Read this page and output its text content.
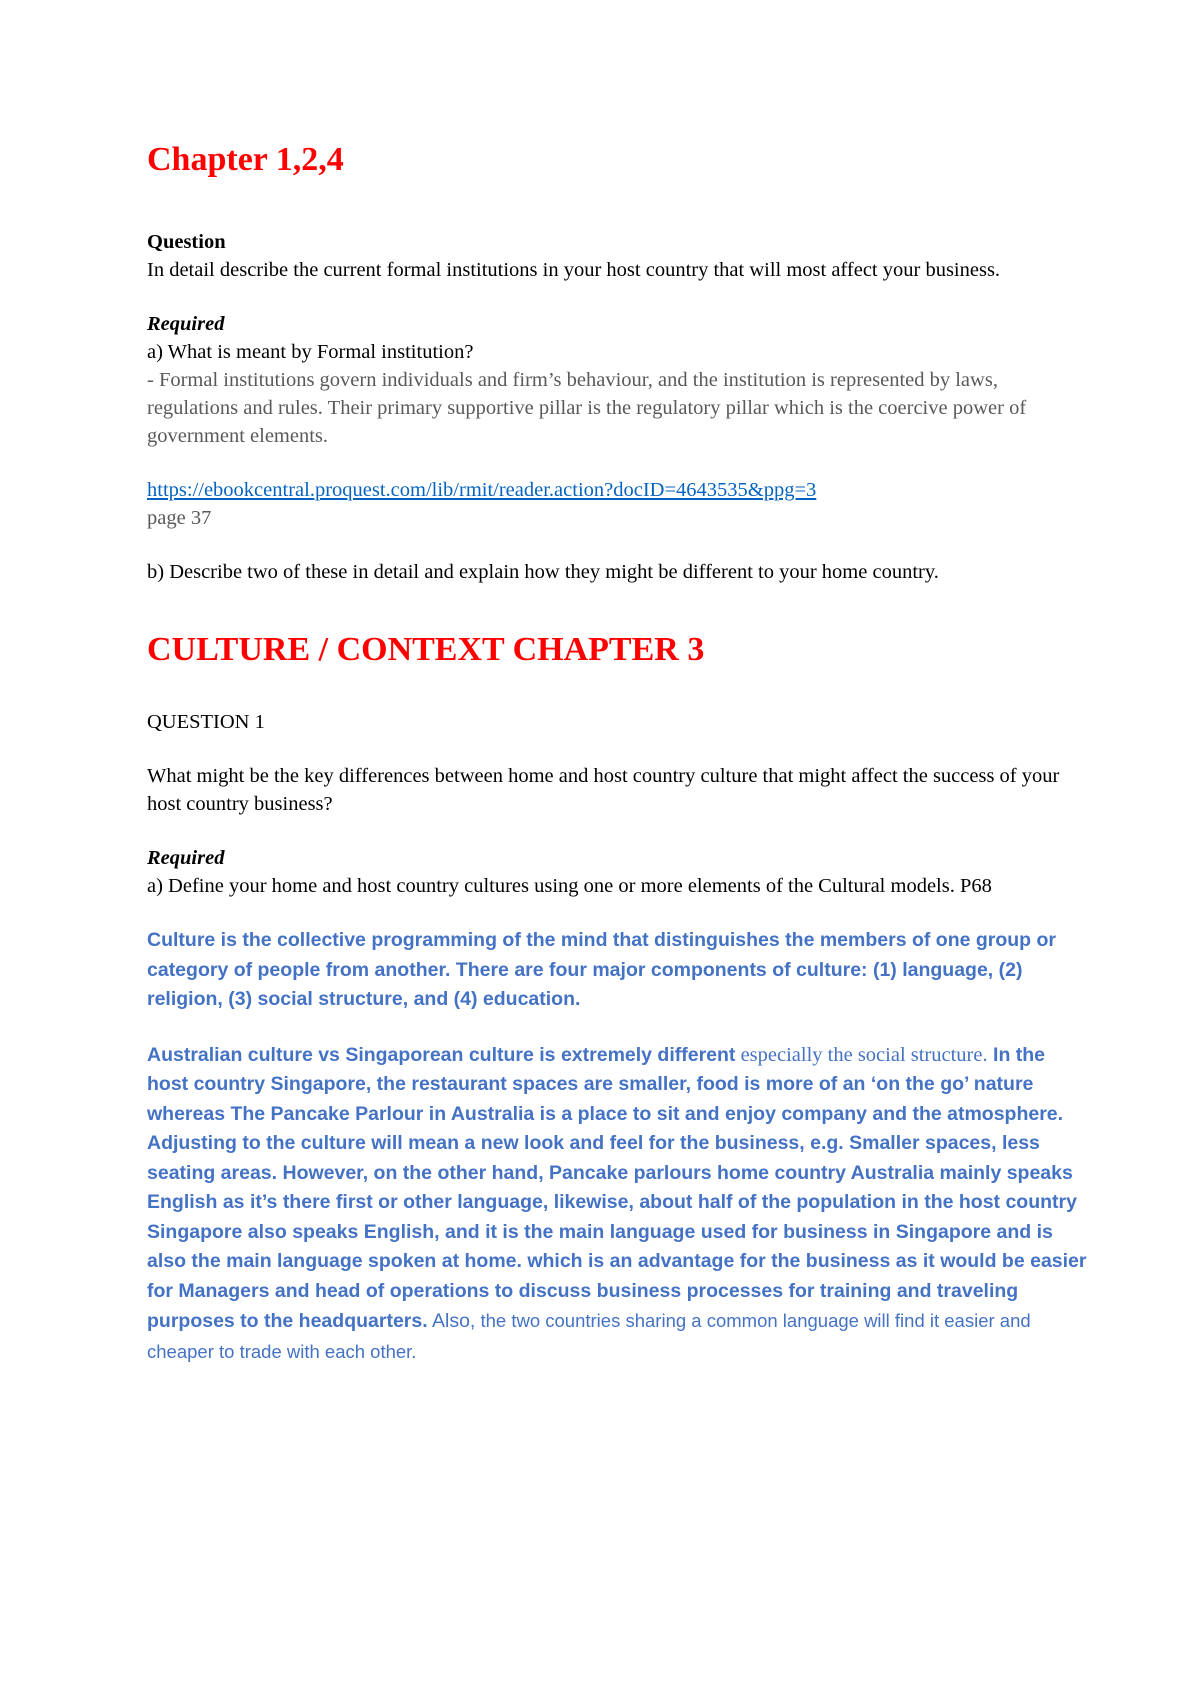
Chapter 1,2,4

Question

In detail describe the current formal institutions in your host country that will most affect your business.

Required

a) What is meant by Formal institution?

- Formal institutions govern individuals and firm’s behaviour, and the institution is represented by laws, regulations and rules. Their primary supportive pillar is the regulatory pillar which is the coercive power of government elements.

https://ebookcentral.proquest.com/lib/rmit/reader.action?docID=4643535&ppg=3

page 37

b) Describe two of these in detail and explain how they might be different to your home country.

CULTURE / CONTEXT CHAPTER 3

QUESTION 1

What might be the key differences between home and host country culture that might affect the success of your host country business?

Required

a) Define your home and host country cultures using one or more elements of the Cultural models. P68

Culture is the collective programming of the mind that distinguishes the members of one group or category of people from another. There are four major components of culture: (1) language, (2) religion, (3) social structure, and (4) education.

Australian culture vs Singaporean culture is extremely different especially the social structure. In the host country Singapore, the restaurant spaces are smaller, food is more of an ‘on the go’ nature whereas The Pancake Parlour in Australia is a place to sit and enjoy company and the atmosphere. Adjusting to the culture will mean a new look and feel for the business, e.g. Smaller spaces, less seating areas. However, on the other hand, Pancake parlours home country Australia mainly speaks English as it’s there first or other language, likewise, about half of the population in the host country Singapore also speaks English, and it is the main language used for business in Singapore and is also the main language spoken at home. which is an advantage for the business as it would be easier for Managers and head of operations to discuss business processes for training and traveling purposes to the headquarters. Also, the two countries sharing a common language will find it easier and cheaper to trade with each other.
